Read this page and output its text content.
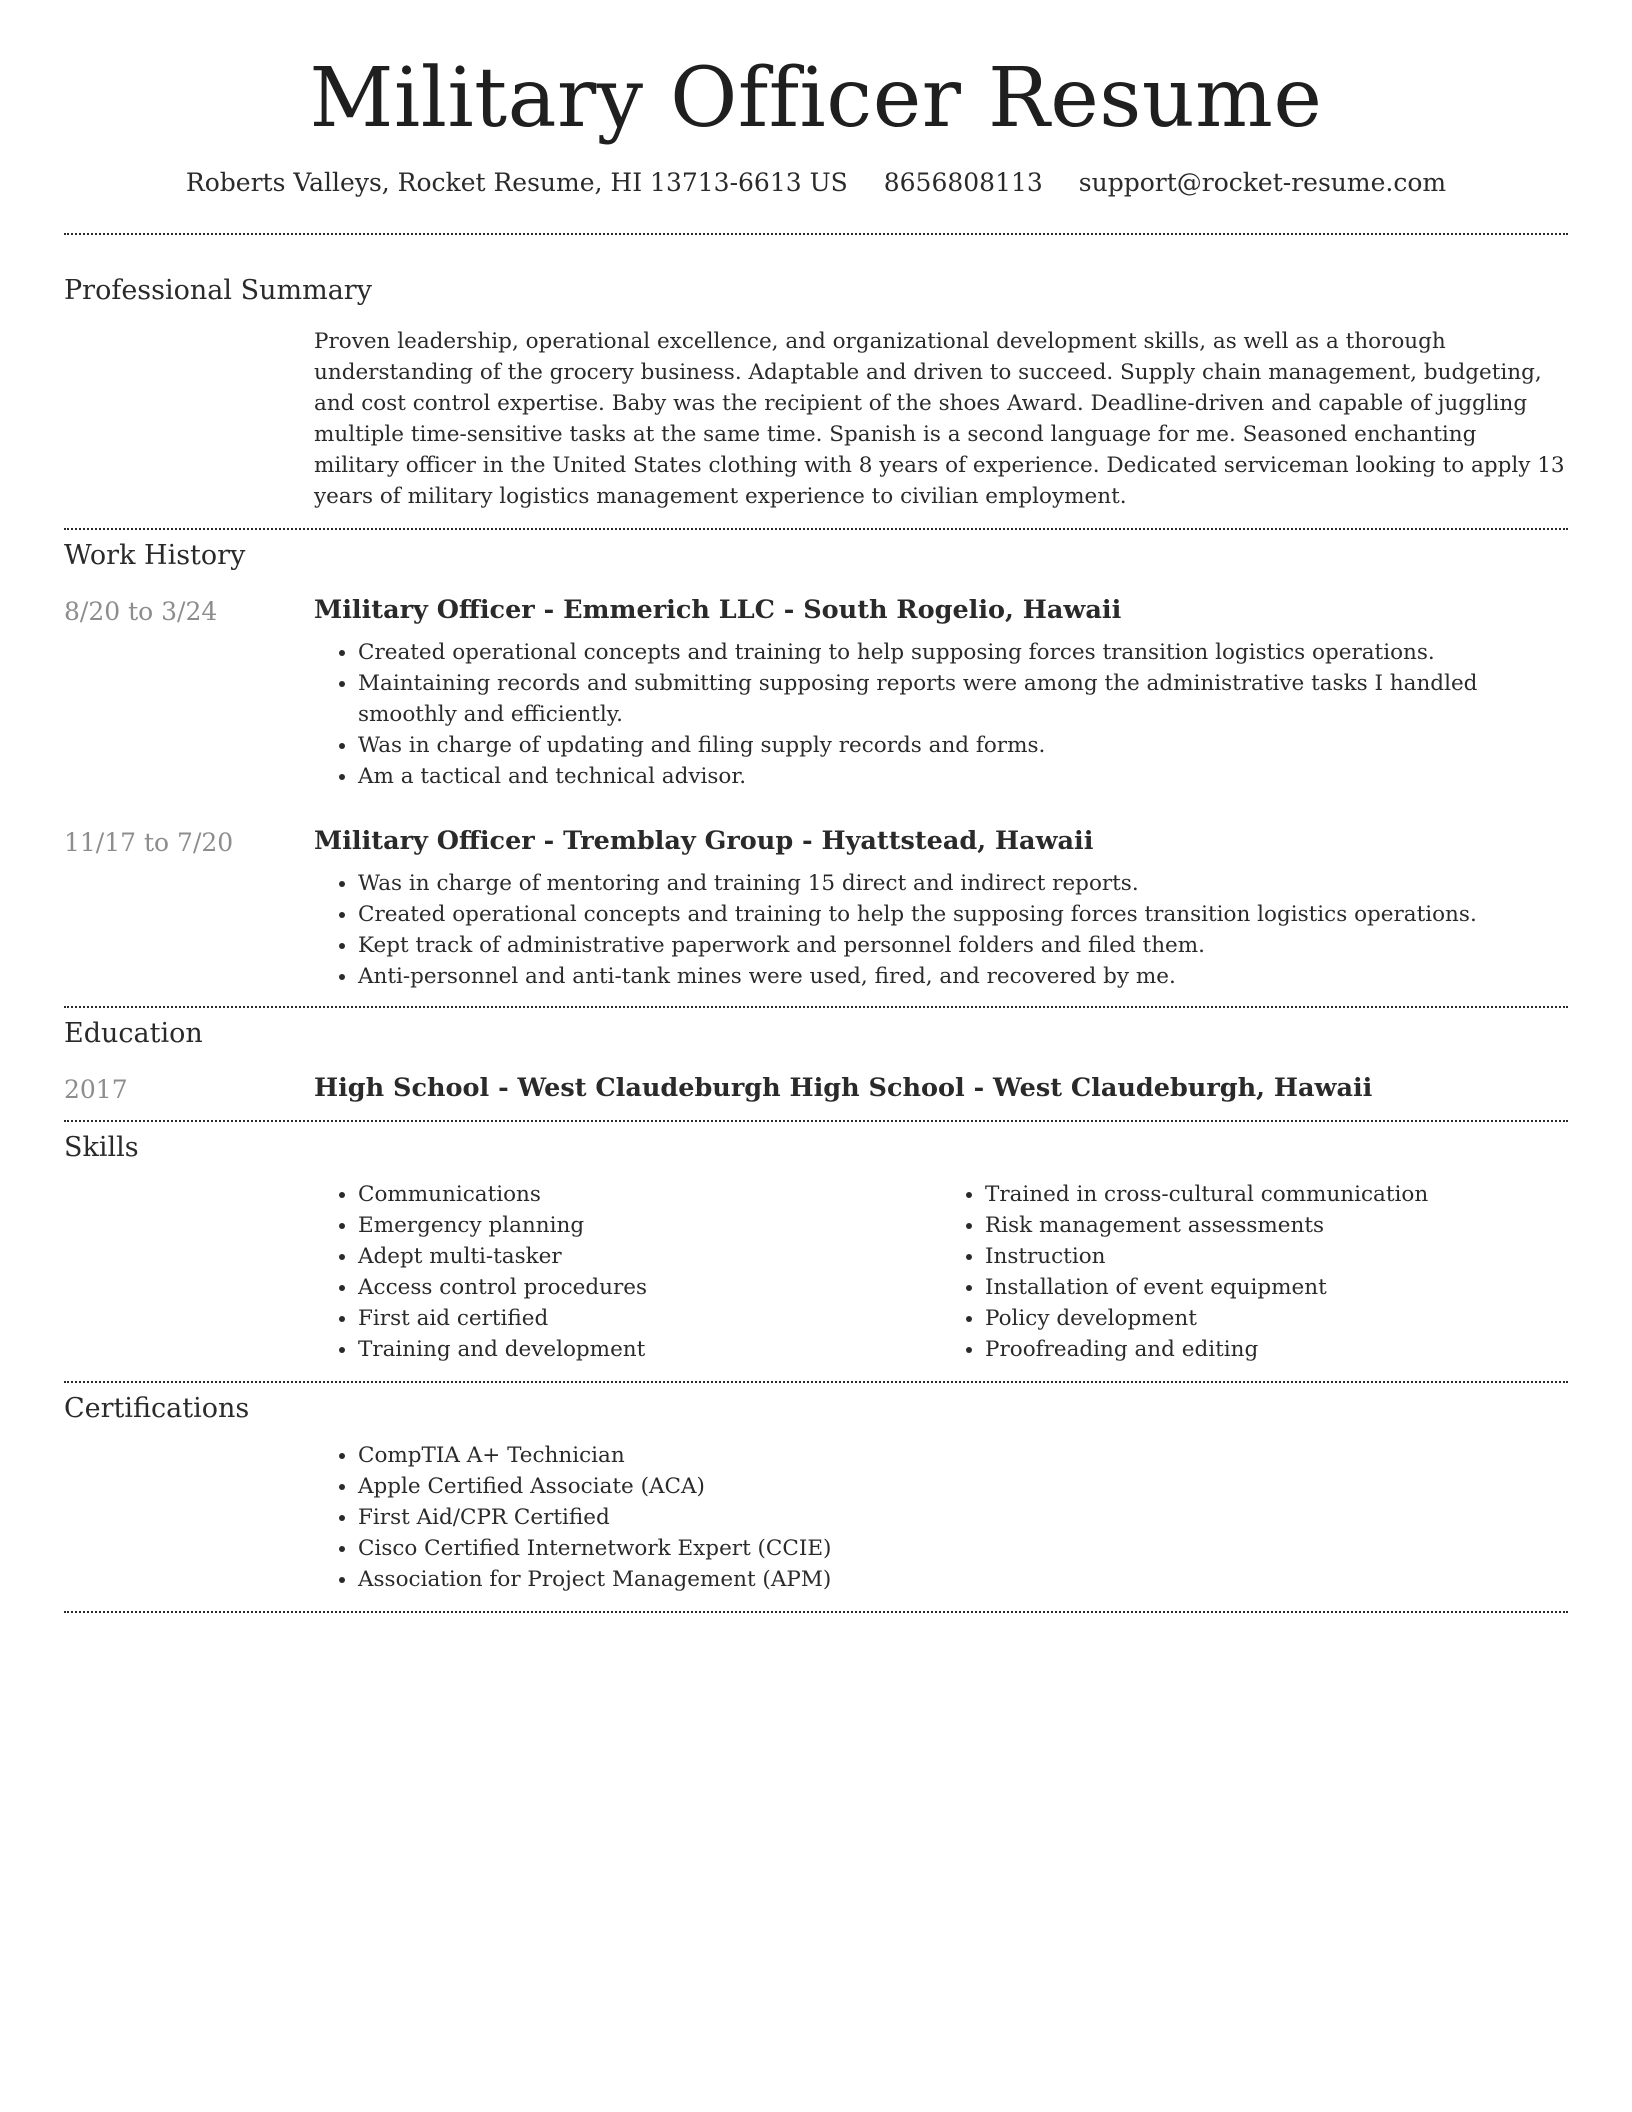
Military Officer Resume
Roberts Valleys, Rocket Resume, HI 13713-6613 US 8656808113 support@rocket-resume.com
Professional Summary

Proven leadership, operational excellence, and organizational development skills, as well as a thorough understanding of the grocery business. Adaptable and driven to succeed. Supply chain management, budgeting, and cost control expertise. Baby was the recipient of the shoes Award. Deadline-driven and capable of juggling multiple time-sensitive tasks at the same time. Spanish is a second language for me. Seasoned enchanting military officer in the United States clothing with 8 years of experience. Dedicated serviceman looking to apply 13 years of military logistics management experience to civilian employment.

Work History
8/20 to 3/24	Military Officer - Emmerich LLC - South Rogelio, Hawaii
• Created operational concepts and training to help supposing forces transition logistics operations.
• Maintaining records and submitting supposing reports were among the administrative tasks I handled smoothly and efficiently.
• Was in charge of updating and filing supply records and forms.
• Am a tactical and technical advisor.
11/17 to 7/20	Military Officer - Tremblay Group - Hyattstead, Hawaii
• Was in charge of mentoring and training 15 direct and indirect reports.
• Created operational concepts and training to help the supposing forces transition logistics operations.
• Kept track of administrative paperwork and personnel folders and filed them.
• Anti-personnel and anti-tank mines were used, fired, and recovered by me.
Education
2017	High School - West Claudeburgh High School - West Claudeburgh, Hawaii
Skills
• Communications
• Emergency planning
• Adept multi-tasker
• Access control procedures
• First aid certified
• Training and development
• Trained in cross-cultural communication
• Risk management assessments
• Instruction
• Installation of event equipment
• Policy development
• Proofreading and editing
Certifications
• CompTIA A+ Technician
• Apple Certified Associate (ACA)
• First Aid/CPR Certified
• Cisco Certified Internetwork Expert (CCIE)
• Association for Project Management (APM)
